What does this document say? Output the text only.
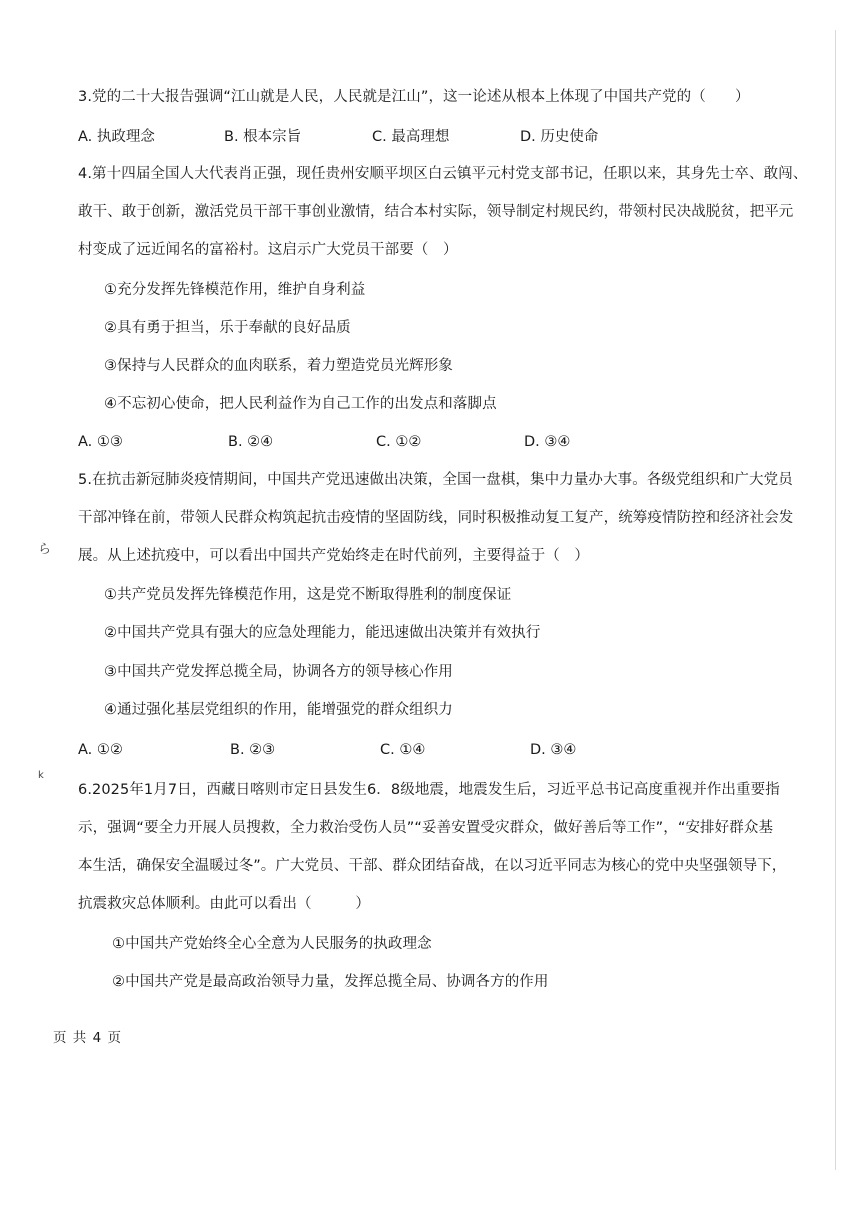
3.党的二十大报告强调“江山就是人民，人民就是江山”，这一论述从根本上体现了中国共产党的（　　）
A. 执政理念	B. 根本宗旨	C. 最高理想	D. 历史使命
4.第十四届全国人大代表肖正强，现任贵州安顺平坝区白云镇平元村党支部书记，任职以来，其身先士卒、敢闯、
敢干、敢于创新，激活党员干部干事创业激情，结合本村实际，领导制定村规民约，带领村民决战脱贫，把平元
村变成了远近闻名的富裕村。这启示广大党员干部要（　）
①充分发挥先锋模范作用，维护自身利益
②具有勇于担当，乐于奉献的良好品质
③保持与人民群众的血肉联系，着力塑造党员光辉形象
④不忘初心使命，把人民利益作为自己工作的出发点和落脚点
A. ①③	B. ②④	C. ①②	D. ③④
5.在抗击新冠肺炎疫情期间，中国共产党迅速做出决策，全国一盘棋，集中力量办大事。各级党组织和广大党员
干部冲锋在前，带领人民群众构筑起抗击疫情的坚固防线，同时积极推动复工复产，统筹疫情防控和经济社会发
ら 展。从上述抗疫中，可以看出中国共产党始终走在时代前列，主要得益于（　）
①共产党员发挥先锋模范作用，这是党不断取得胜利的制度保证
②中国共产党具有强大的应急处理能力，能迅速做出决策并有效执行
③中国共产党发挥总揽全局，协调各方的领导核心作用
④通过强化基层党组织的作用，能增强党的群众组织力
A. ①②	B. ②③	C. ①④	D. ③④
k
6.2025年1月7日，西藏日喀则市定日县发生6．8级地震，地震发生后，习近平总书记高度重视并作出重要指
示，强调“要全力开展人员搜救，全力救治受伤人员”“妥善安置受灾群众，做好善后等工作”，“安排好群众基
本生活，确保安全温暖过冬”。广大党员、干部、群众团结奋战，在以习近平同志为核心的党中央坚强领导下，
抗震救灾总体顺利。由此可以看出（　　　）
①中国共产党始终全心全意为人民服务的执政理念
②中国共产党是最高政治领导力量，发挥总揽全局、协调各方的作用
页 共 4 页
